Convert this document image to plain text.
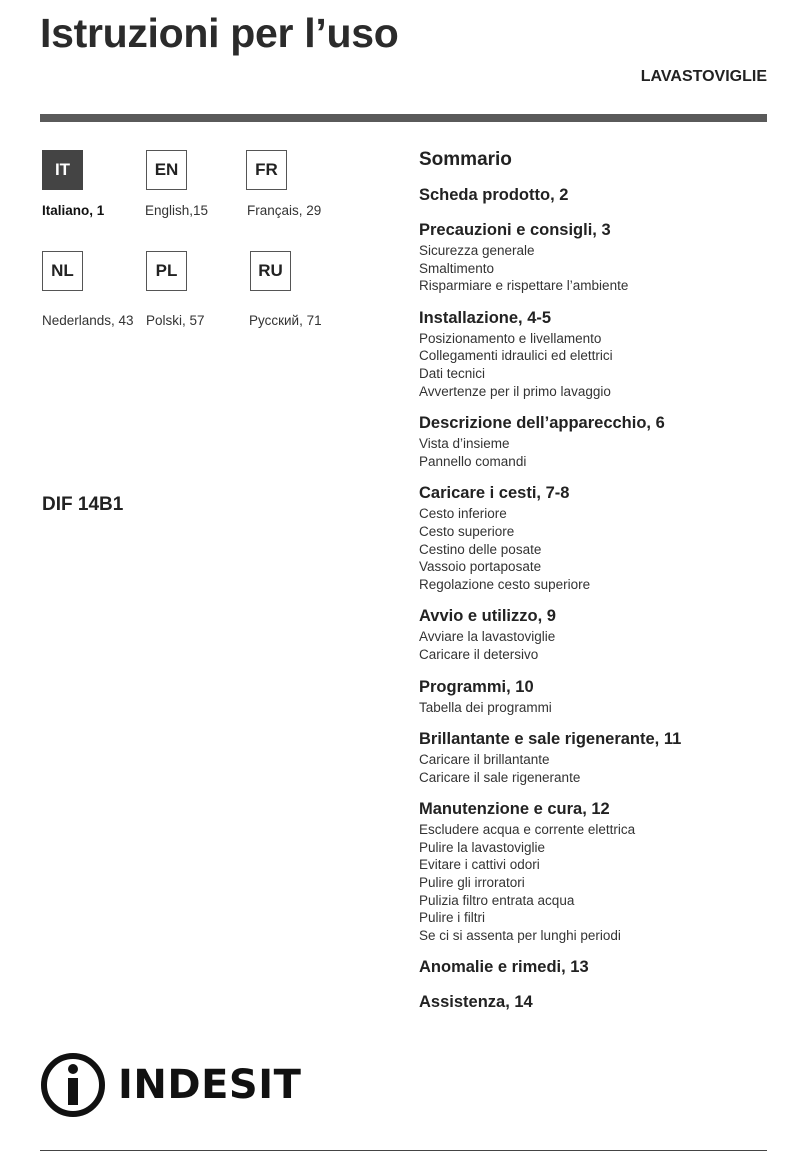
Istruzioni per l’uso
LAVASTOVIGLIE
IT
Italiano, 1
EN
English,15
FR
Français, 29
NL
Nederlands, 43
PL
Polski, 57
RU
Русский, 71
DIF 14B1
Sommario
Scheda prodotto, 2
Precauzioni e consigli, 3
Sicurezza generale
Smaltimento
Risparmiare e rispettare l’ambiente
Installazione, 4-5
Posizionamento e livellamento
Collegamenti idraulici ed elettrici
Dati tecnici
Avvertenze per il primo lavaggio
Descrizione dell’apparecchio, 6
Vista d’insieme
Pannello comandi
Caricare i cesti, 7-8
Cesto inferiore
Cesto superiore
Cestino delle posate
Vassoio portaposate
Regolazione cesto superiore
Avvio e utilizzo, 9
Avviare la lavastoviglie
Caricare il detersivo
Programmi, 10
Tabella dei programmi
Brillantante e sale rigenerante, 11
Caricare il brillantante
Caricare il sale rigenerante
Manutenzione e cura, 12
Escludere acqua e corrente elettrica
Pulire la lavastoviglie
Evitare i cattivi odori
Pulire gli irroratori
Pulizia filtro entrata acqua
Pulire i filtri
Se ci si assenta per lunghi periodi
Anomalie e rimedi, 13
Assistenza, 14
INDESIT
